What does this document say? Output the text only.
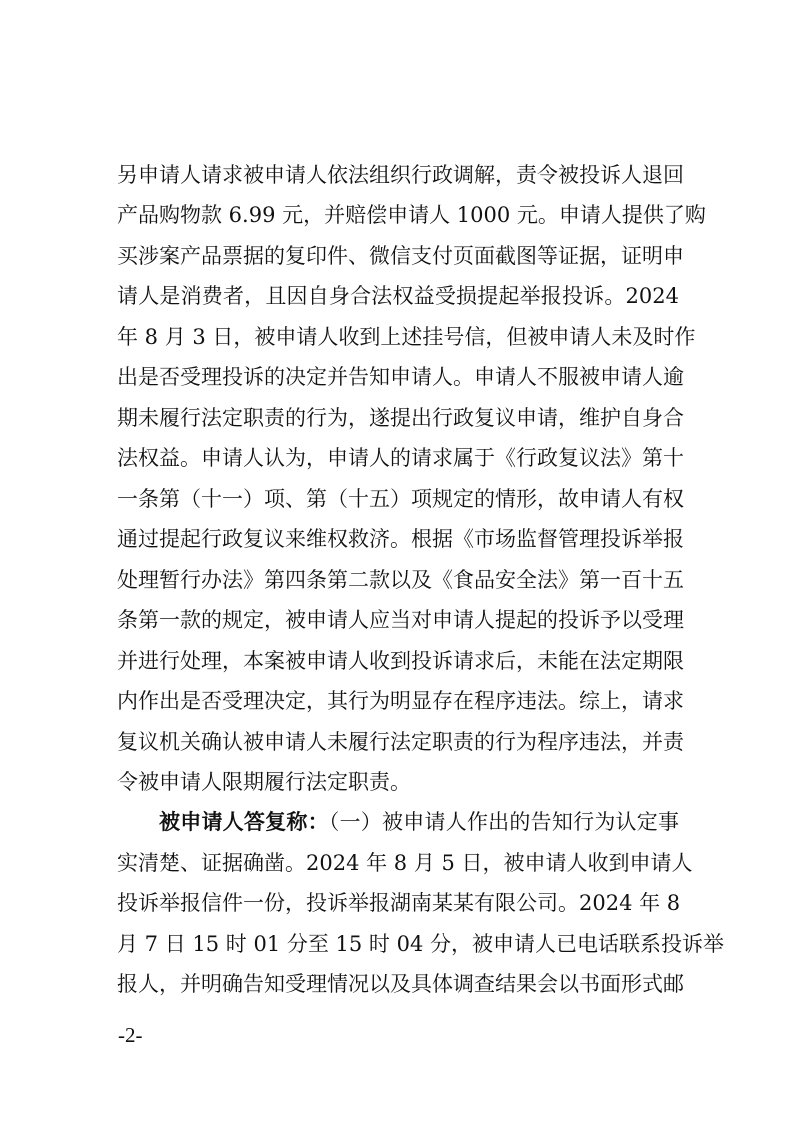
另申请人请求被申请人依法组织行政调解，责令被投诉人退回
产品购物款 6.99 元，并赔偿申请人 1000 元。申请人提供了购
买涉案产品票据的复印件、微信支付页面截图等证据，证明申
请人是消费者，且因自身合法权益受损提起举报投诉。2024
年 8 月 3 日，被申请人收到上述挂号信，但被申请人未及时作
出是否受理投诉的决定并告知申请人。申请人不服被申请人逾
期未履行法定职责的行为，遂提出行政复议申请，维护自身合
法权益。申请人认为，申请人的请求属于《行政复议法》第十
一条第（十一）项、第（十五）项规定的情形，故申请人有权
通过提起行政复议来维权救济。根据《市场监督管理投诉举报
处理暂行办法》第四条第二款以及《食品安全法》第一百十五
条第一款的规定，被申请人应当对申请人提起的投诉予以受理
并进行处理，本案被申请人收到投诉请求后，未能在法定期限
内作出是否受理决定，其行为明显存在程序违法。综上，请求
复议机关确认被申请人未履行法定职责的行为程序违法，并责
令被申请人限期履行法定职责。
被申请人答复称：（一）被申请人作出的告知行为认定事
实清楚、证据确凿。2024 年 8 月 5 日，被申请人收到申请人
投诉举报信件一份，投诉举报湖南某某有限公司。2024 年 8
月 7 日 15 时 01 分至 15 时 04 分，被申请人已电话联系投诉举
报人，并明确告知受理情况以及具体调查结果会以书面形式邮
-2-
